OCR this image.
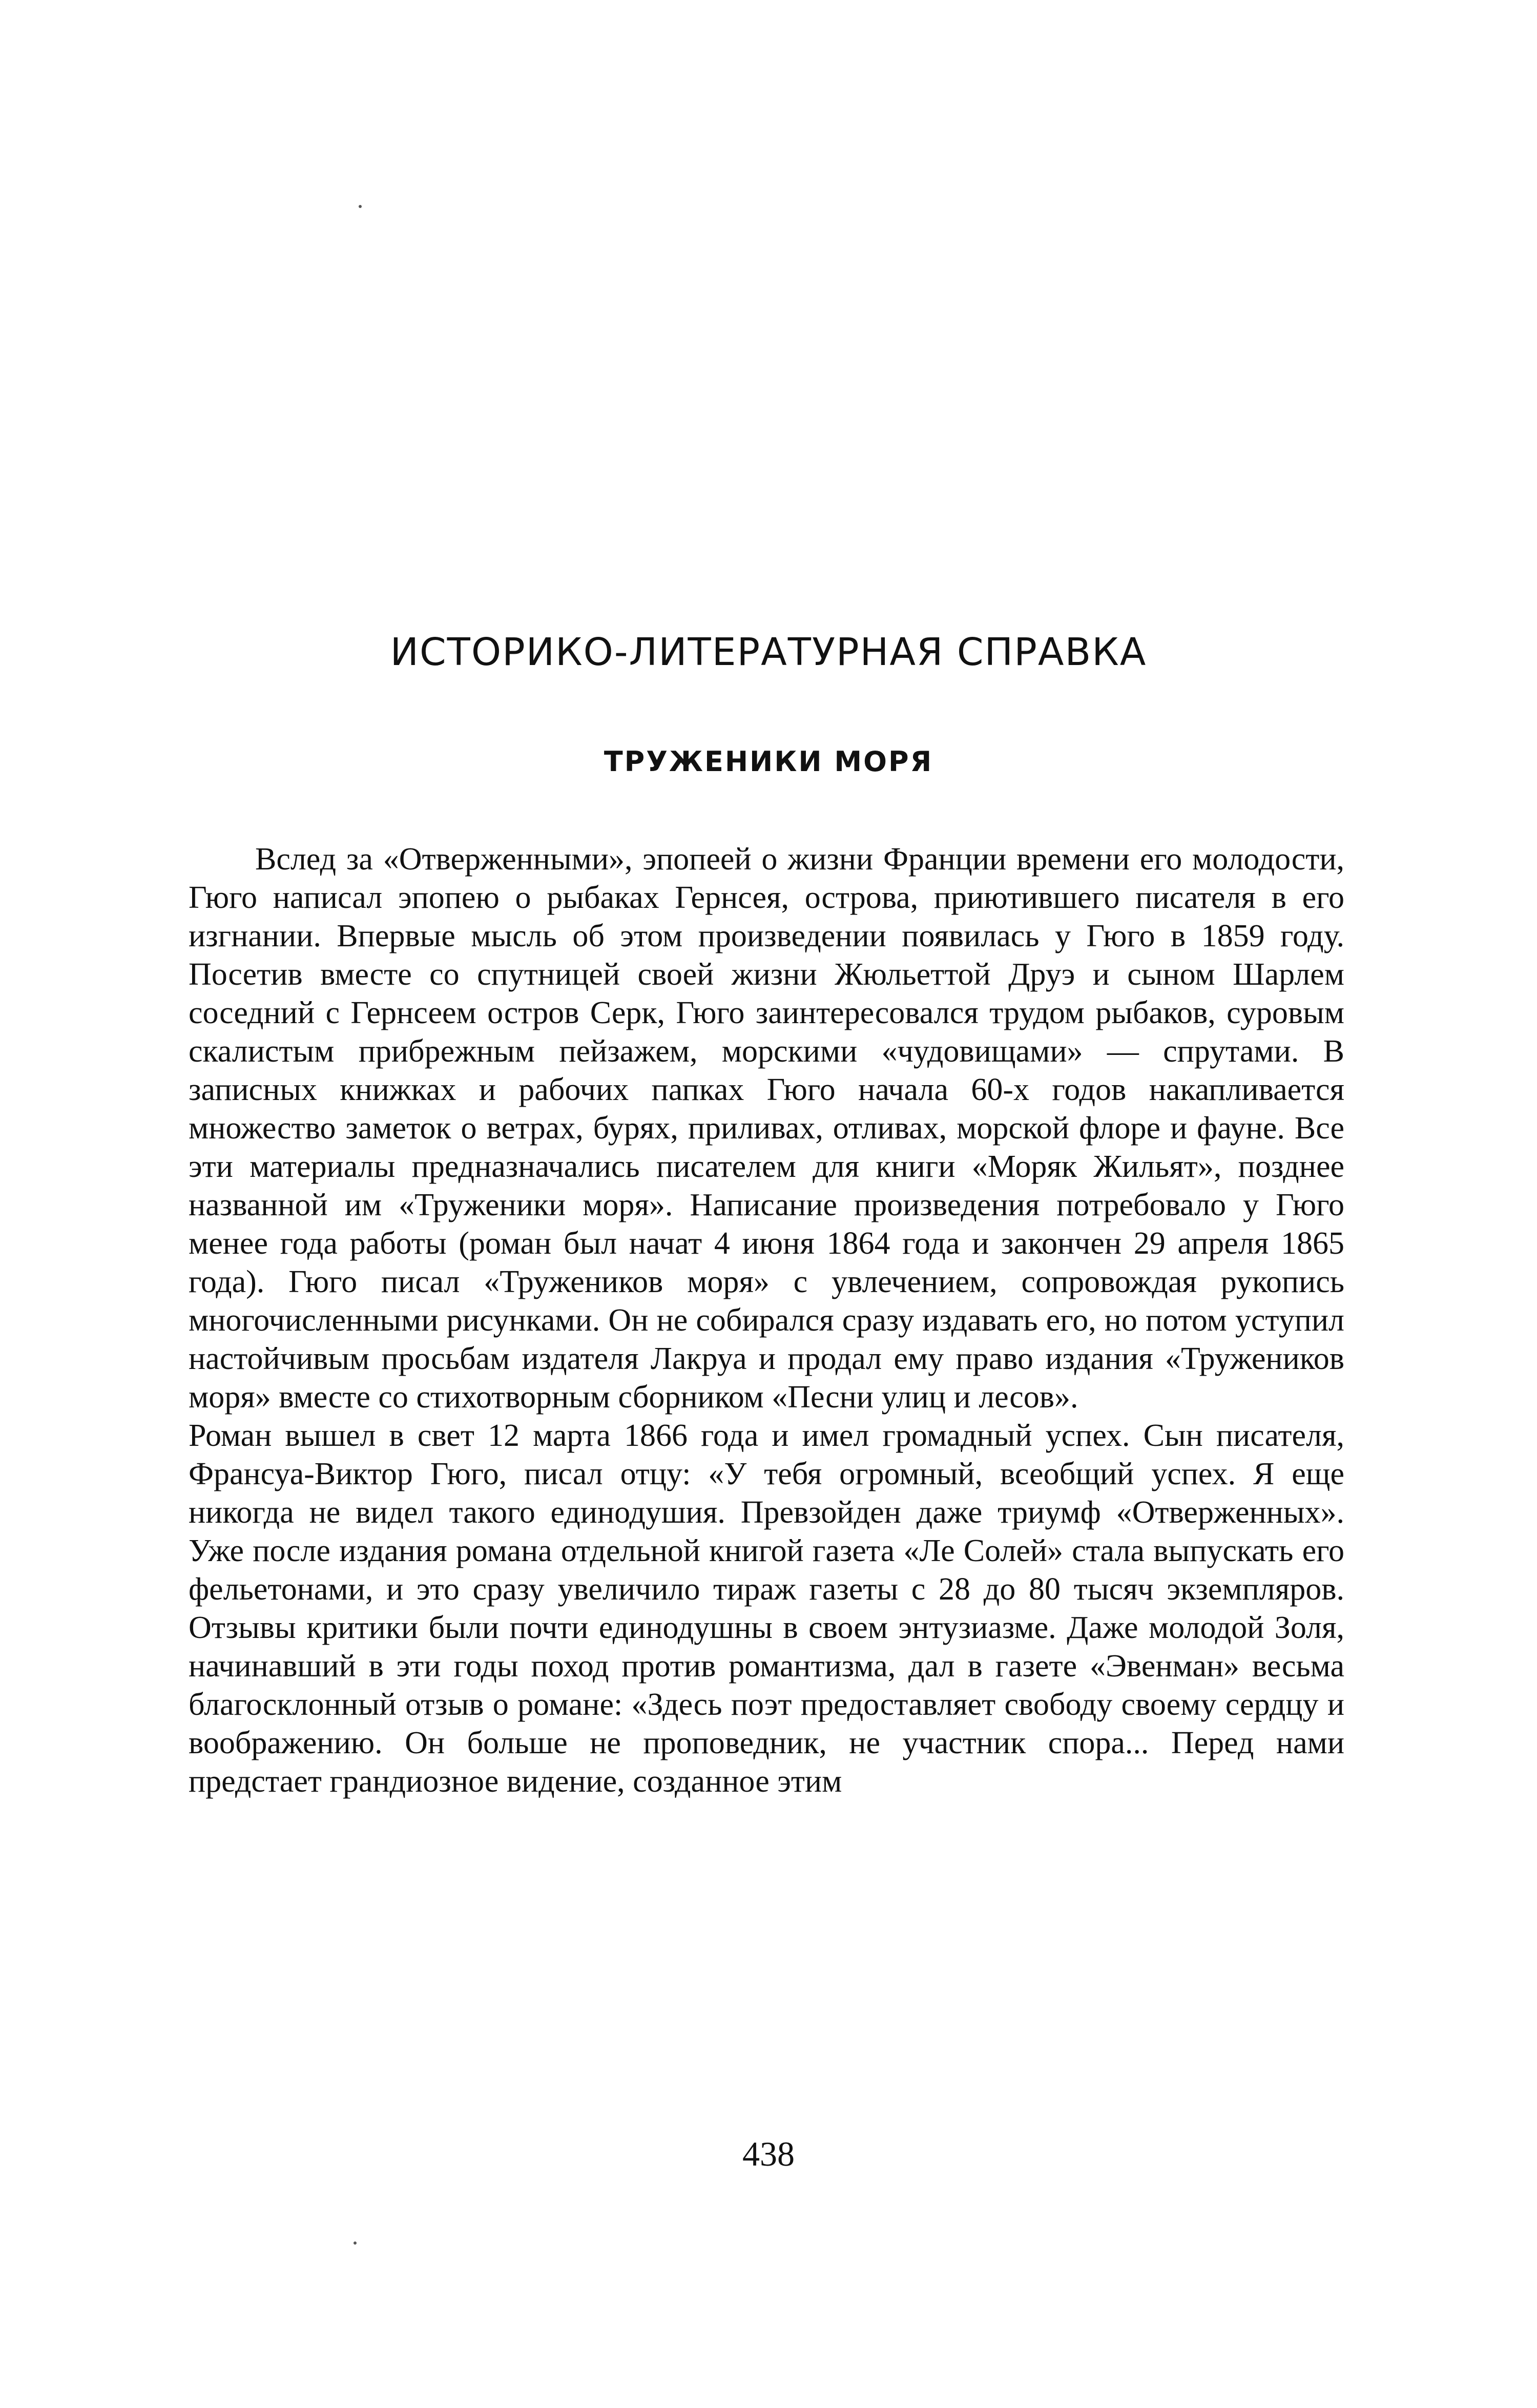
ИСТОРИКО-ЛИТЕРАТУРНАЯ СПРАВКА
ТРУЖЕНИКИ МОРЯ

Вслед за «Отверженными», эпопеей о жизни Франции времени его молодости, Гюго написал эпопею о рыбаках Гернсея, острова, приютившего писателя в его изгнании. Впервые мысль об этом произведении появилась у Гюго в 1859 году. Посетив вместе со спутницей своей жизни Жюльеттой Друэ и сыном Шарлем соседний с Гернсеем остров Серк, Гюго заинтересовался трудом рыбаков, суровым скалистым прибрежным пейзажем, морскими «чудовищами» — спрутами. В записных книжках и рабочих папках Гюго начала 60-х годов накапливается множество заметок о ветрах, бурях, приливах, отливах, морской флоре и фауне. Все эти материалы предназначались писателем для книги «Моряк Жильят», позднее названной им «Труженики моря». Написание произведения потребовало у Гюго менее года работы (роман был начат 4 июня 1864 года и закончен 29 апреля 1865 года). Гюго писал «Тружеников моря» с увлечением, сопровождая рукопись многочисленными рисунками. Он не собирался сразу издавать его, но потом уступил настойчивым просьбам издателя Лакруа и продал ему право издания «Тружеников моря» вместе со стихотворным сборником «Песни улиц и лесов».

Роман вышел в свет 12 марта 1866 года и имел громадный успех. Сын писателя, Франсуа-Виктор Гюго, писал отцу: «У тебя огромный, всеобщий успех. Я еще никогда не видел такого единодушия. Превзойден даже триумф «Отверженных». Уже после издания романа отдельной книгой газета «Ле Солей» стала выпускать его фельетонами, и это сразу увеличило тираж газеты с 28 до 80 тысяч экземпляров. Отзывы критики были почти единодушны в своем энтузиазме. Даже молодой Золя, начинавший в эти годы поход против романтизма, дал в газете «Эвенман» весьма благосклонный отзыв о романе: «Здесь поэт предоставляет свободу своему сердцу и воображению. Он больше не проповедник, не участник спора... Перед нами предстает грандиозное видение, созданное этим

438
